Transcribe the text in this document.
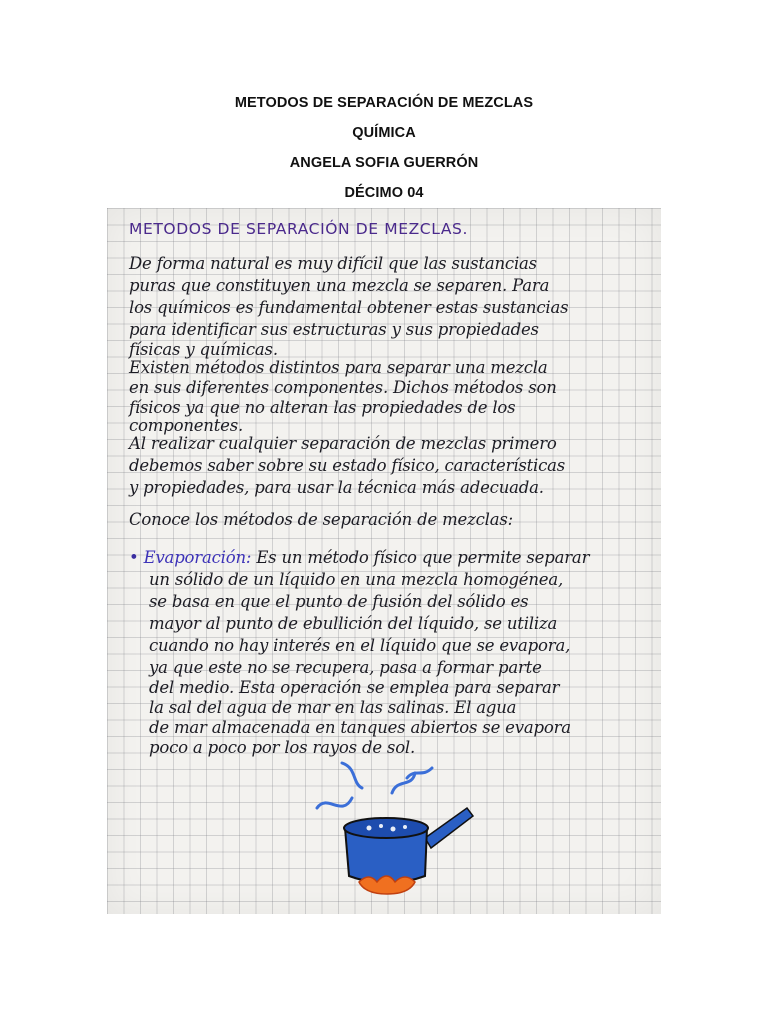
METODOS DE SEPARACIÓN DE MEZCLAS

QUÍMICA

ANGELA SOFIA GUERRÓN

DÉCIMO 04

METODOS DE SEPARACIÓN DE MEZCLAS.

De forma natural es muy difícil que las sustancias

puras que constituyen una mezcla se separen. Para

los químicos es fundamental obtener estas sustancias

para identificar sus estructuras y sus propiedades

físicas y químicas.

Existen métodos distintos para separar una mezcla

en sus diferentes componentes. Dichos métodos son

físicos ya que no alteran las propiedades de los

componentes.

Al realizar cualquier separación de mezclas primero

debemos saber sobre su estado físico, características

y propiedades, para usar la técnica más adecuada.

Conoce los métodos de separación de mezclas:

• Evaporación: Es un método físico que permite separar

un sólido de un líquido en una mezcla homogénea,

se basa en que el punto de fusión del sólido es

mayor al punto de ebullición del líquido, se utiliza

cuando no hay interés en el líquido que se evapora,

ya que este no se recupera, pasa a formar parte

del medio. Esta operación se emplea para separar

la sal del agua de mar en las salinas. El agua

de mar almacenada en tanques abiertos se evapora

poco a poco por los rayos de sol.
